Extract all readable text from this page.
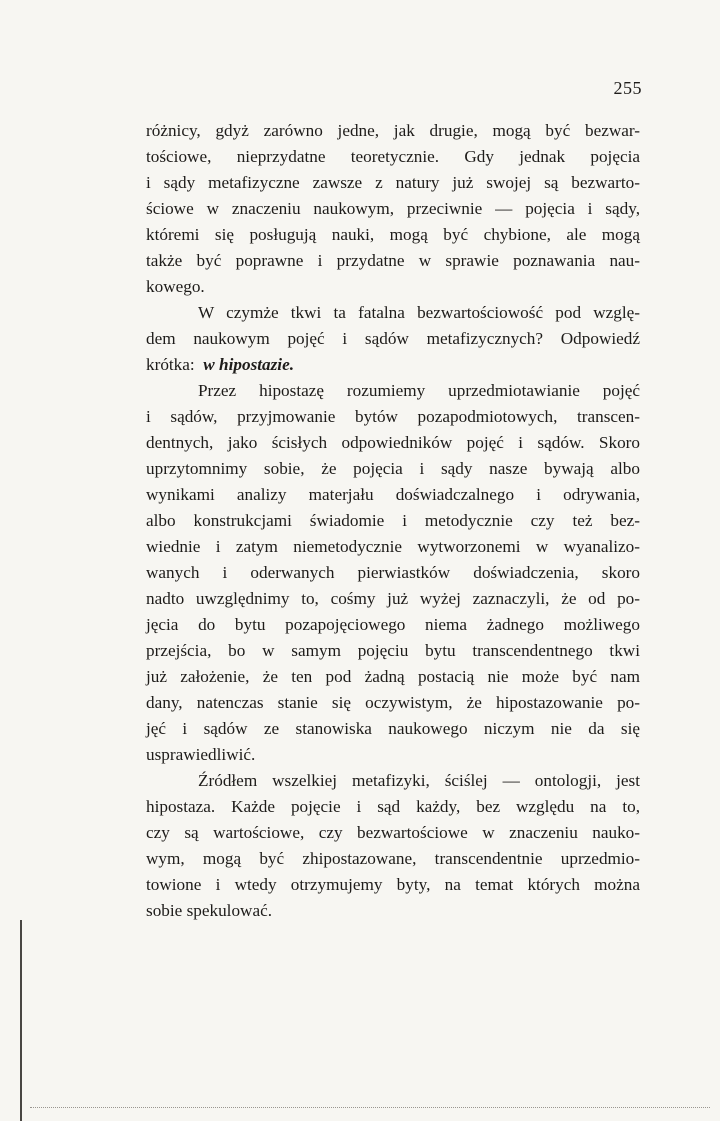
255
różnicy, gdyż zarówno jedne, jak drugie, mogą być bezwar-
tościowe, nieprzydatne teoretycznie. Gdy jednak pojęcia
i sądy metafizyczne zawsze z natury już swojej są bezwarto-
ściowe w znaczeniu naukowym, przeciwnie — pojęcia i sądy,
któremi się posługują nauki, mogą być chybione, ale mogą
także być poprawne i przydatne w sprawie poznawania nau-
kowego.
W czymże tkwi ta fatalna bezwartościowość pod wzglę-
dem naukowym pojęć i sądów metafizycznych? Odpowiedź
krótka: w hipostazie.
Przez hipostazę rozumiemy uprzedmiotawianie pojęć
i sądów, przyjmowanie bytów pozapodmiotowych, transcen-
dentnych, jako ścisłych odpowiedników pojęć i sądów. Skoro
uprzytomnimy sobie, że pojęcia i sądy nasze bywają albo
wynikami analizy materjału doświadczalnego i odrywania,
albo konstrukcjami świadomie i metodycznie czy też bez-
wiednie i zatym niemetodycznie wytworzonemi w wyanalizo-
wanych i oderwanych pierwiastków doświadczenia, skoro
nadto uwzględnimy to, cośmy już wyżej zaznaczyli, że od po-
jęcia do bytu pozapojęciowego niema żadnego możliwego
przejścia, bo w samym pojęciu bytu transcendentnego tkwi
już założenie, że ten pod żadną postacią nie może być nam
dany, natenczas stanie się oczywistym, że hipostazowanie po-
jęć i sądów ze stanowiska naukowego niczym nie da się
usprawiedliwić.
Źródłem wszelkiej metafizyki, ściślej — ontologji, jest
hipostaza. Każde pojęcie i sąd każdy, bez względu na to,
czy są wartościowe, czy bezwartościowe w znaczeniu nauko-
wym, mogą być zhipostazowane, transcendentnie uprzedmio-
towione i wtedy otrzymujemy byty, na temat których można
sobie spekulować.
